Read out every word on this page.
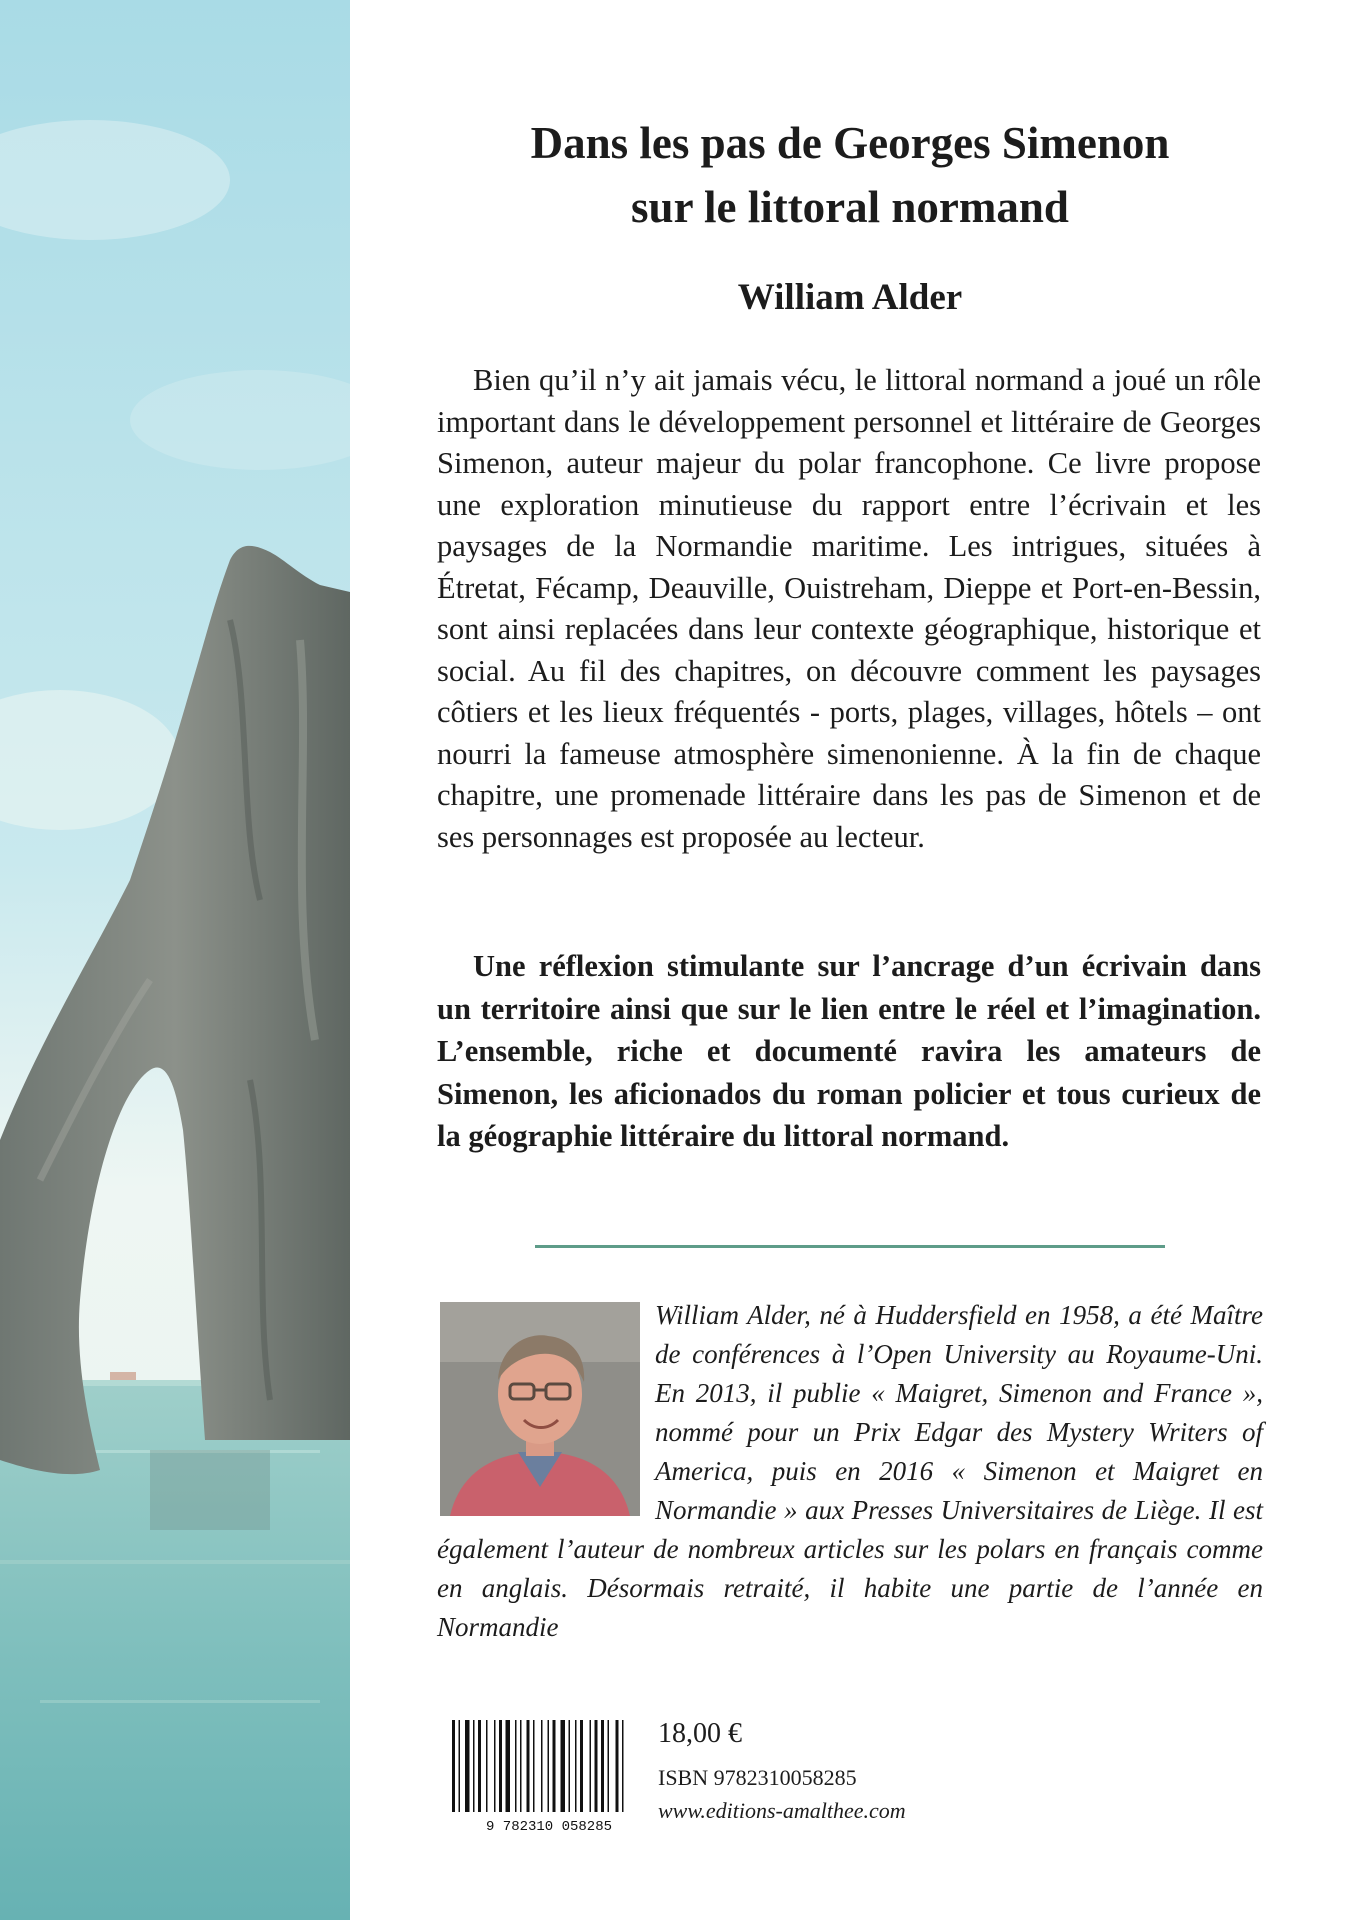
Dans les pas de Georges Simenon
sur le littoral normand
William Alder

Bien qu’il n’y ait jamais vécu, le littoral normand a joué un rôle important dans le développement personnel et littéraire de Georges Simenon, auteur majeur du polar francophone. Ce livre propose une exploration minutieuse du rapport entre l’écrivain et les paysages de la Normandie maritime. Les intrigues, situées à Étretat, Fécamp, Deauville, Ouistreham, Dieppe et Port-en-Bessin, sont ainsi replacées dans leur contexte géographique, historique et social. Au fil des chapitres, on découvre comment les paysages côtiers et les lieux fréquentés - ports, plages, villages, hôtels – ont nourri la fameuse atmosphère simenonienne. À la fin de chaque chapitre, une promenade littéraire dans les pas de Simenon et de ses personnages est proposée au lecteur.

Une réflexion stimulante sur l’ancrage d’un écrivain dans un territoire ainsi que sur le lien entre le réel et l’imagination. L’ensemble, riche et documenté ravira les amateurs de Simenon, les aficionados du roman policier et tous curieux de la géographie littéraire du littoral normand.

William Alder, né à Huddersfield en 1958, a été Maître de conférences à l’Open University au Royaume-Uni. En 2013, il publie « Maigret, Simenon and France », nommé pour un Prix Edgar des Mystery Writers of America, puis en 2016 « Simenon et Maigret en Normandie » aux Presses Universitaires de Liège. Il est également l’auteur de nombreux articles sur les polars en français comme en anglais. Désormais retraité, il habite une partie de l’année en Normandie

9 782310 058285

18,00 €

ISBN 9782310058285

www.editions-amalthee.com
